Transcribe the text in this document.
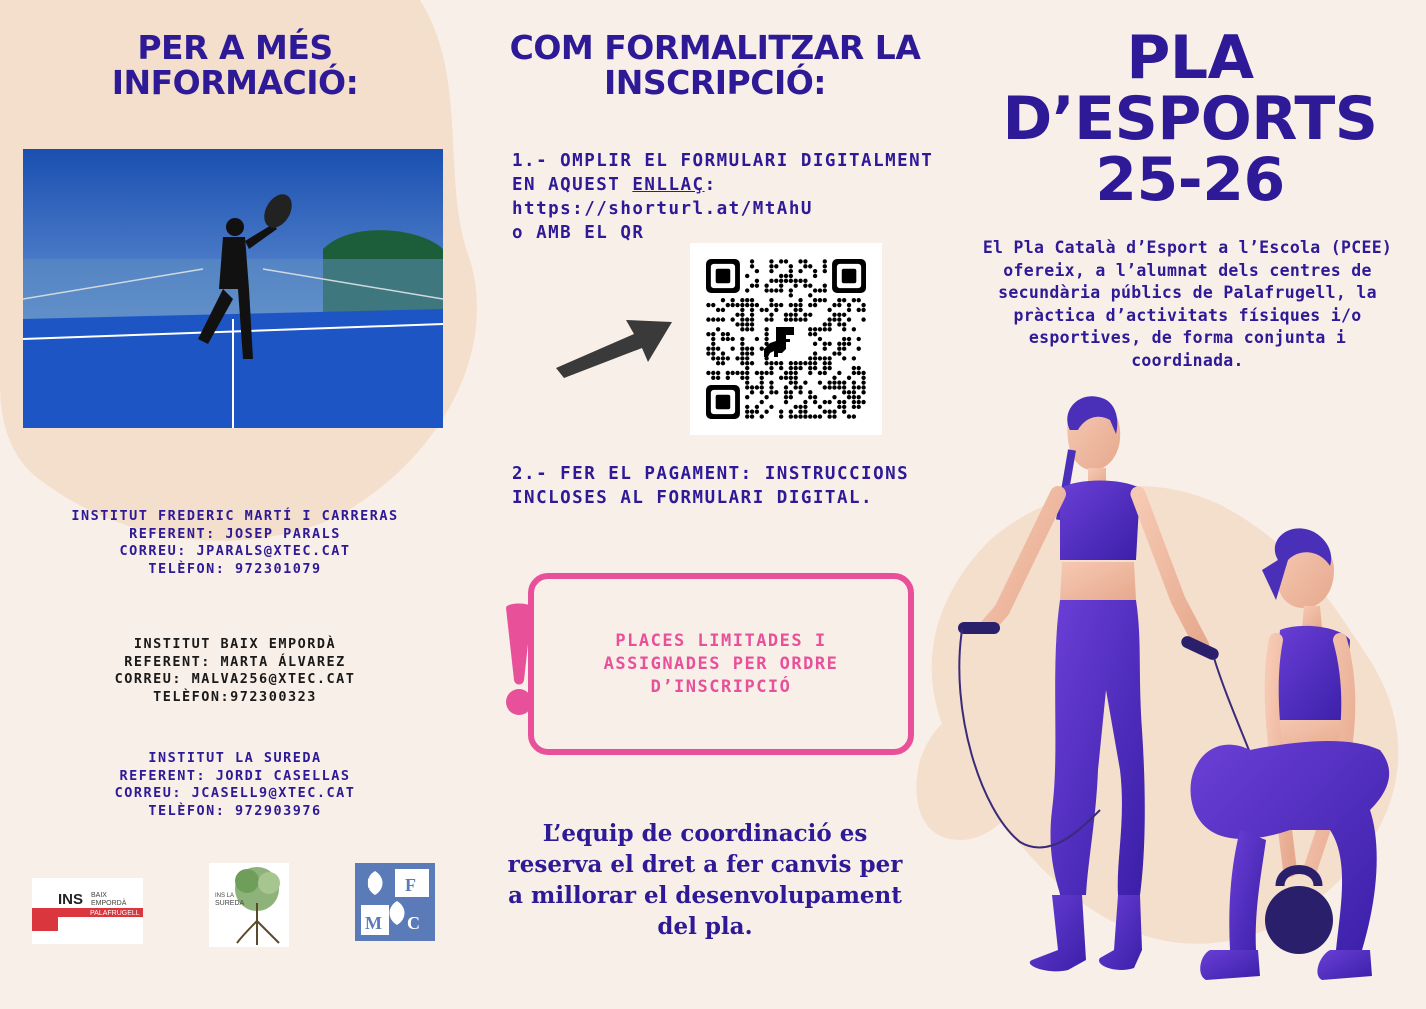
PER A MÉS INFORMACIÓ:
INSTITUT FREDERIC MARTÍ I CARRERAS
REFERENT: JOSEP PARALS
CORREU: JPARALS@XTEC.CAT
TELÈFON: 972301079
INSTITUT BAIX EMPORDÀ
REFERENT: MARTA ÁLVAREZ
CORREU: MALVA256@XTEC.CAT
TELÈFON:972300323
INSTITUT LA SUREDA
REFERENT: JORDI CASELLAS
CORREU: JCASELL9@XTEC.CAT
TELÈFON: 972903976
INS BAIX
EMPORDÀ
PALAFRUGELL
INS LA
SUREDA
I F
M C
COM FORMALITZAR LA INSCRIPCIÓ:
1.- OMPLIR EL FORMULARI DIGITALMENT EN AQUEST ENLLAÇ:
https://shorturl.at/MtAhU
o AMB EL QR
2.- FER EL PAGAMENT: INSTRUCCIONS INCLOSES AL FORMULARI DIGITAL.
PLACES LIMITADES I ASSIGNADES PER ORDRE D’INSCRIPCIÓ
L’equip de coordinació es reserva el dret a fer canvis per a millorar el desenvolupament del pla.
PLA
D’ESPORTS
25-26
El Pla Català d’Esport a l’Escola (PCEE) ofereix, a l’alumnat dels centres de secundària públics de Palafrugell, la pràctica d’activitats físiques i/o esportives, de forma conjunta i coordinada.
